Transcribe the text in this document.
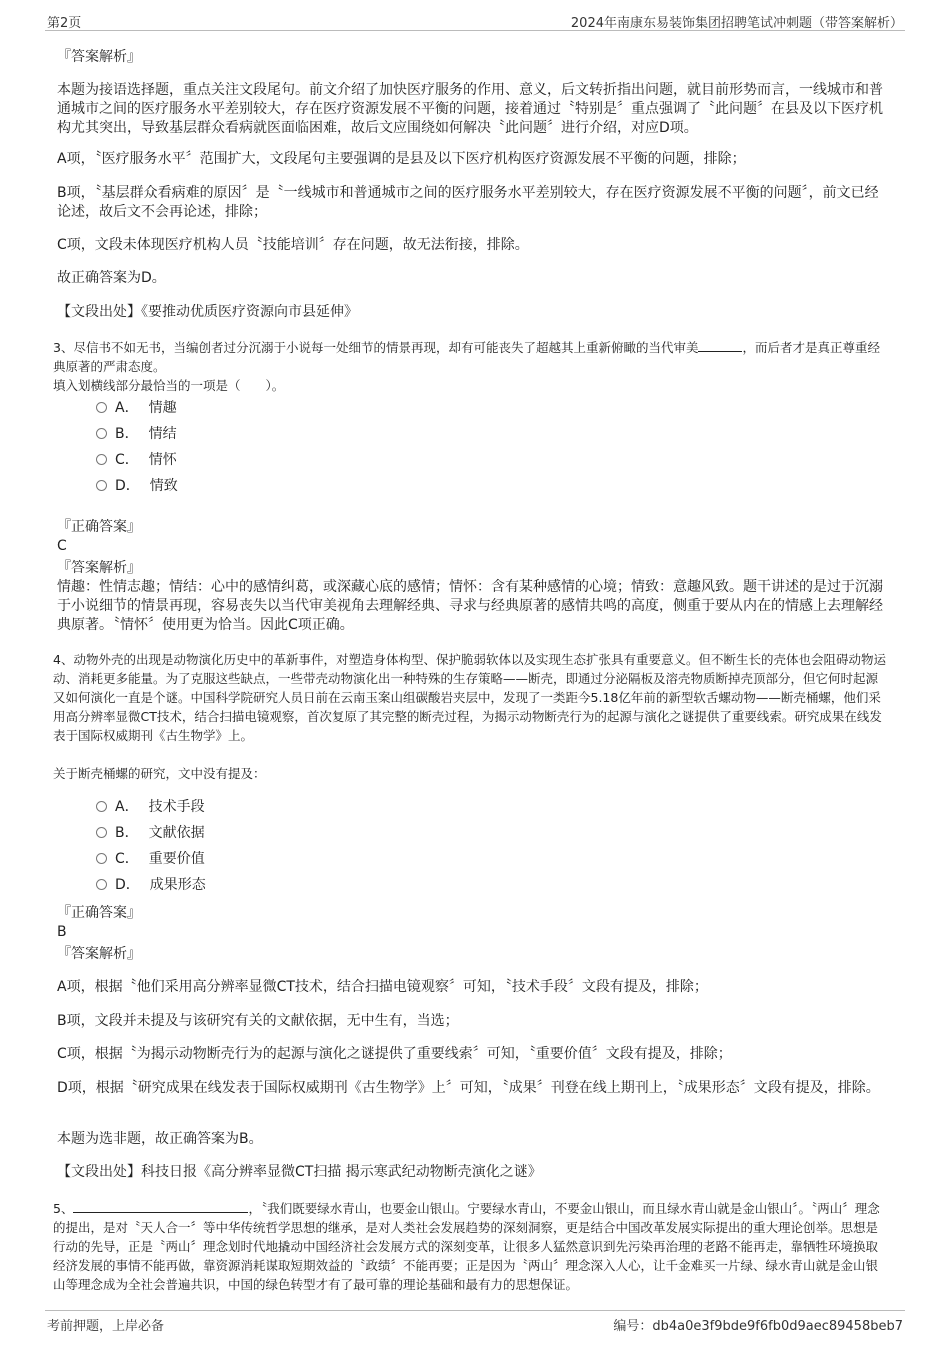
第2页	2024年南康东易装饰集团招聘笔试冲刺题（带答案解析）

『答案解析』

本题为接语选择题，重点关注文段尾句。前文介绍了加快医疗服务的作用、意义，后文转折指出问题，就目前形势而言，一线城市和普通城市之间的医疗服务水平差别较大，存在医疗资源发展不平衡的问题，接着通过〝特别是〞重点强调了〝此问题〞在县及以下医疗机构尤其突出，导致基层群众看病就医面临困难，故后文应围绕如何解决〝此问题〞进行介绍，对应D项。

A项，〝医疗服务水平〞范围扩大，文段尾句主要强调的是县及以下医疗机构医疗资源发展不平衡的问题，排除；

B项，〝基层群众看病难的原因〞是〝一线城市和普通城市之间的医疗服务水平差别较大，存在医疗资源发展不平衡的问题〞，前文已经论述，故后文不会再论述，排除；

C项，文段未体现医疗机构人员〝技能培训〞存在问题，故无法衔接，排除。

故正确答案为D。

【文段出处】《要推动优质医疗资源向市县延伸》

3、尽信书不如无书，当编创者过分沉溺于小说每一处细节的情景再现，却有可能丧失了超越其上重新俯瞰的当代审美	，而后者才是真正尊重经典原著的严肃态度。

填入划横线部分最恰当的一项是（　　）。

A． 情趣
B． 情结
C． 情怀
D． 情致

『正确答案』

C

『答案解析』

情趣：性情志趣；情结：心中的感情纠葛，或深藏心底的感情；情怀：含有某种感情的心境；情致：意趣风致。题干讲述的是过于沉溺于小说细节的情景再现，容易丧失以当代审美视角去理解经典、寻求与经典原著的感情共鸣的高度，侧重于要从内在的情感上去理解经典原著。〝情怀〞使用更为恰当。因此C项正确。

4、动物外壳的出现是动物演化历史中的革新事件，对塑造身体构型、保护脆弱软体以及实现生态扩张具有重要意义。但不断生长的壳体也会阻碍动物运动、消耗更多能量。为了克服这些缺点，一些带壳动物演化出一种特殊的生存策略——断壳，即通过分泌隔板及溶壳物质断掉壳顶部分，但它何时起源又如何演化一直是个谜。中国科学院研究人员日前在云南玉案山组碳酸岩夹层中，发现了一类距今5.18亿年前的新型软舌螺动物——断壳桶螺，他们采用高分辨率显微CT技术，结合扫描电镜观察，首次复原了其完整的断壳过程，为揭示动物断壳行为的起源与演化之谜提供了重要线索。研究成果在线发表于国际权威期刊《古生物学》上。

关于断壳桶螺的研究，文中没有提及：

A． 技术手段
B． 文献依据
C． 重要价值
D． 成果形态

『正确答案』

B

『答案解析』

A项，根据〝他们采用高分辨率显微CT技术，结合扫描电镜观察〞可知，〝技术手段〞文段有提及，排除；

B项，文段并未提及与该研究有关的文献依据，无中生有，当选；

C项，根据〝为揭示动物断壳行为的起源与演化之谜提供了重要线索〞可知，〝重要价值〞文段有提及，排除；

D项，根据〝研究成果在线发表于国际权威期刊《古生物学》上〞可知，〝成果〞刊登在线上期刊上，〝成果形态〞文段有提及，排除。

本题为选非题，故正确答案为B。

【文段出处】科技日报《高分辨率显微CT扫描 揭示寒武纪动物断壳演化之谜》

5、	，〝我们既要绿水青山，也要金山银山。宁要绿水青山，不要金山银山，而且绿水青山就是金山银山〞。〝两山〞理念的提出，是对〝天人合一〞等中华传统哲学思想的继承，是对人类社会发展趋势的深刻洞察，更是结合中国改革发展实际提出的重大理论创举。思想是行动的先导，正是〝两山〞理念划时代地撬动中国经济社会发展方式的深刻变革，让很多人猛然意识到先污染再治理的老路不能再走，靠牺牲环境换取经济发展的事情不能再做，靠资源消耗谋取短期效益的〝政绩〞不能再要；正是因为〝两山〞理念深入人心，让千金难买一片绿、绿水青山就是金山银山等理念成为全社会普遍共识，中国的绿色转型才有了最可靠的理论基础和最有力的思想保证。

考前押题，上岸必备	编号：db4a0e3f9bde9f6fb0d9aec89458beb7
